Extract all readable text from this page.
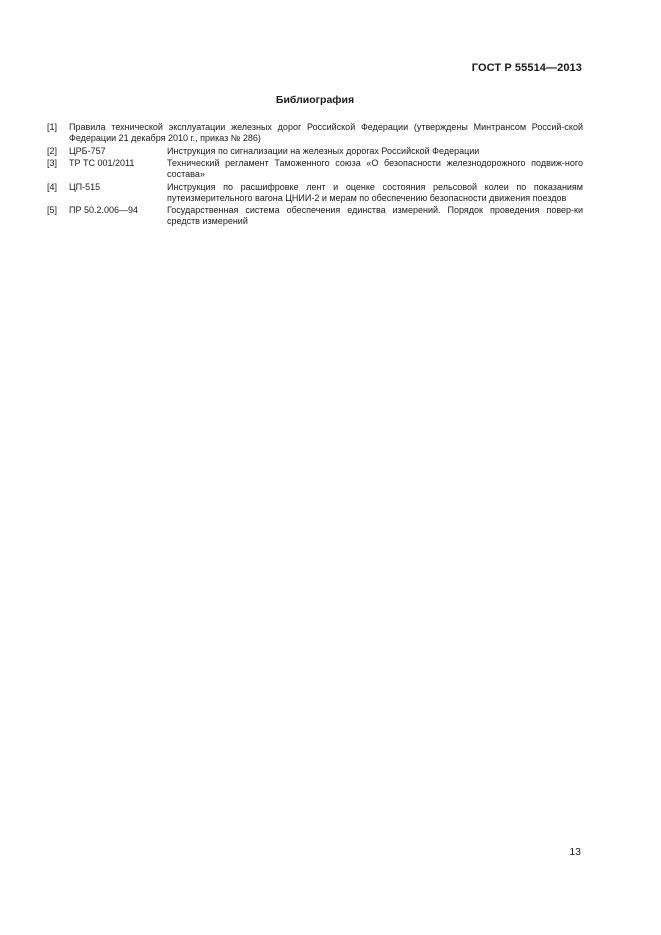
ГОСТ Р 55514—2013
Библиография
[1]	Правила технической эксплуатации железных дорог Российской Федерации (утверждены Минтрансом Россий-ской Федерации 21 декабря 2010 г., приказ № 286)
[2]	ЦРБ-757	Инструкция по сигнализации на железных дорогах Российской Федерации
[3]	ТР ТС 001/2011	Технический регламент Таможенного союза «О безопасности железнодорожного подвиж-ного состава»
[4]	ЦП-515	Инструкция по расшифровке лент и оценке состояния рельсовой колеи по показаниям путеизмерительного вагона ЦНИИ-2 и мерам по обеспечению безопасности движения поездов
[5]	ПР 50.2.006—94	Государственная система обеспечения единства измерений. Порядок проведения повер-ки средств измерений
13
